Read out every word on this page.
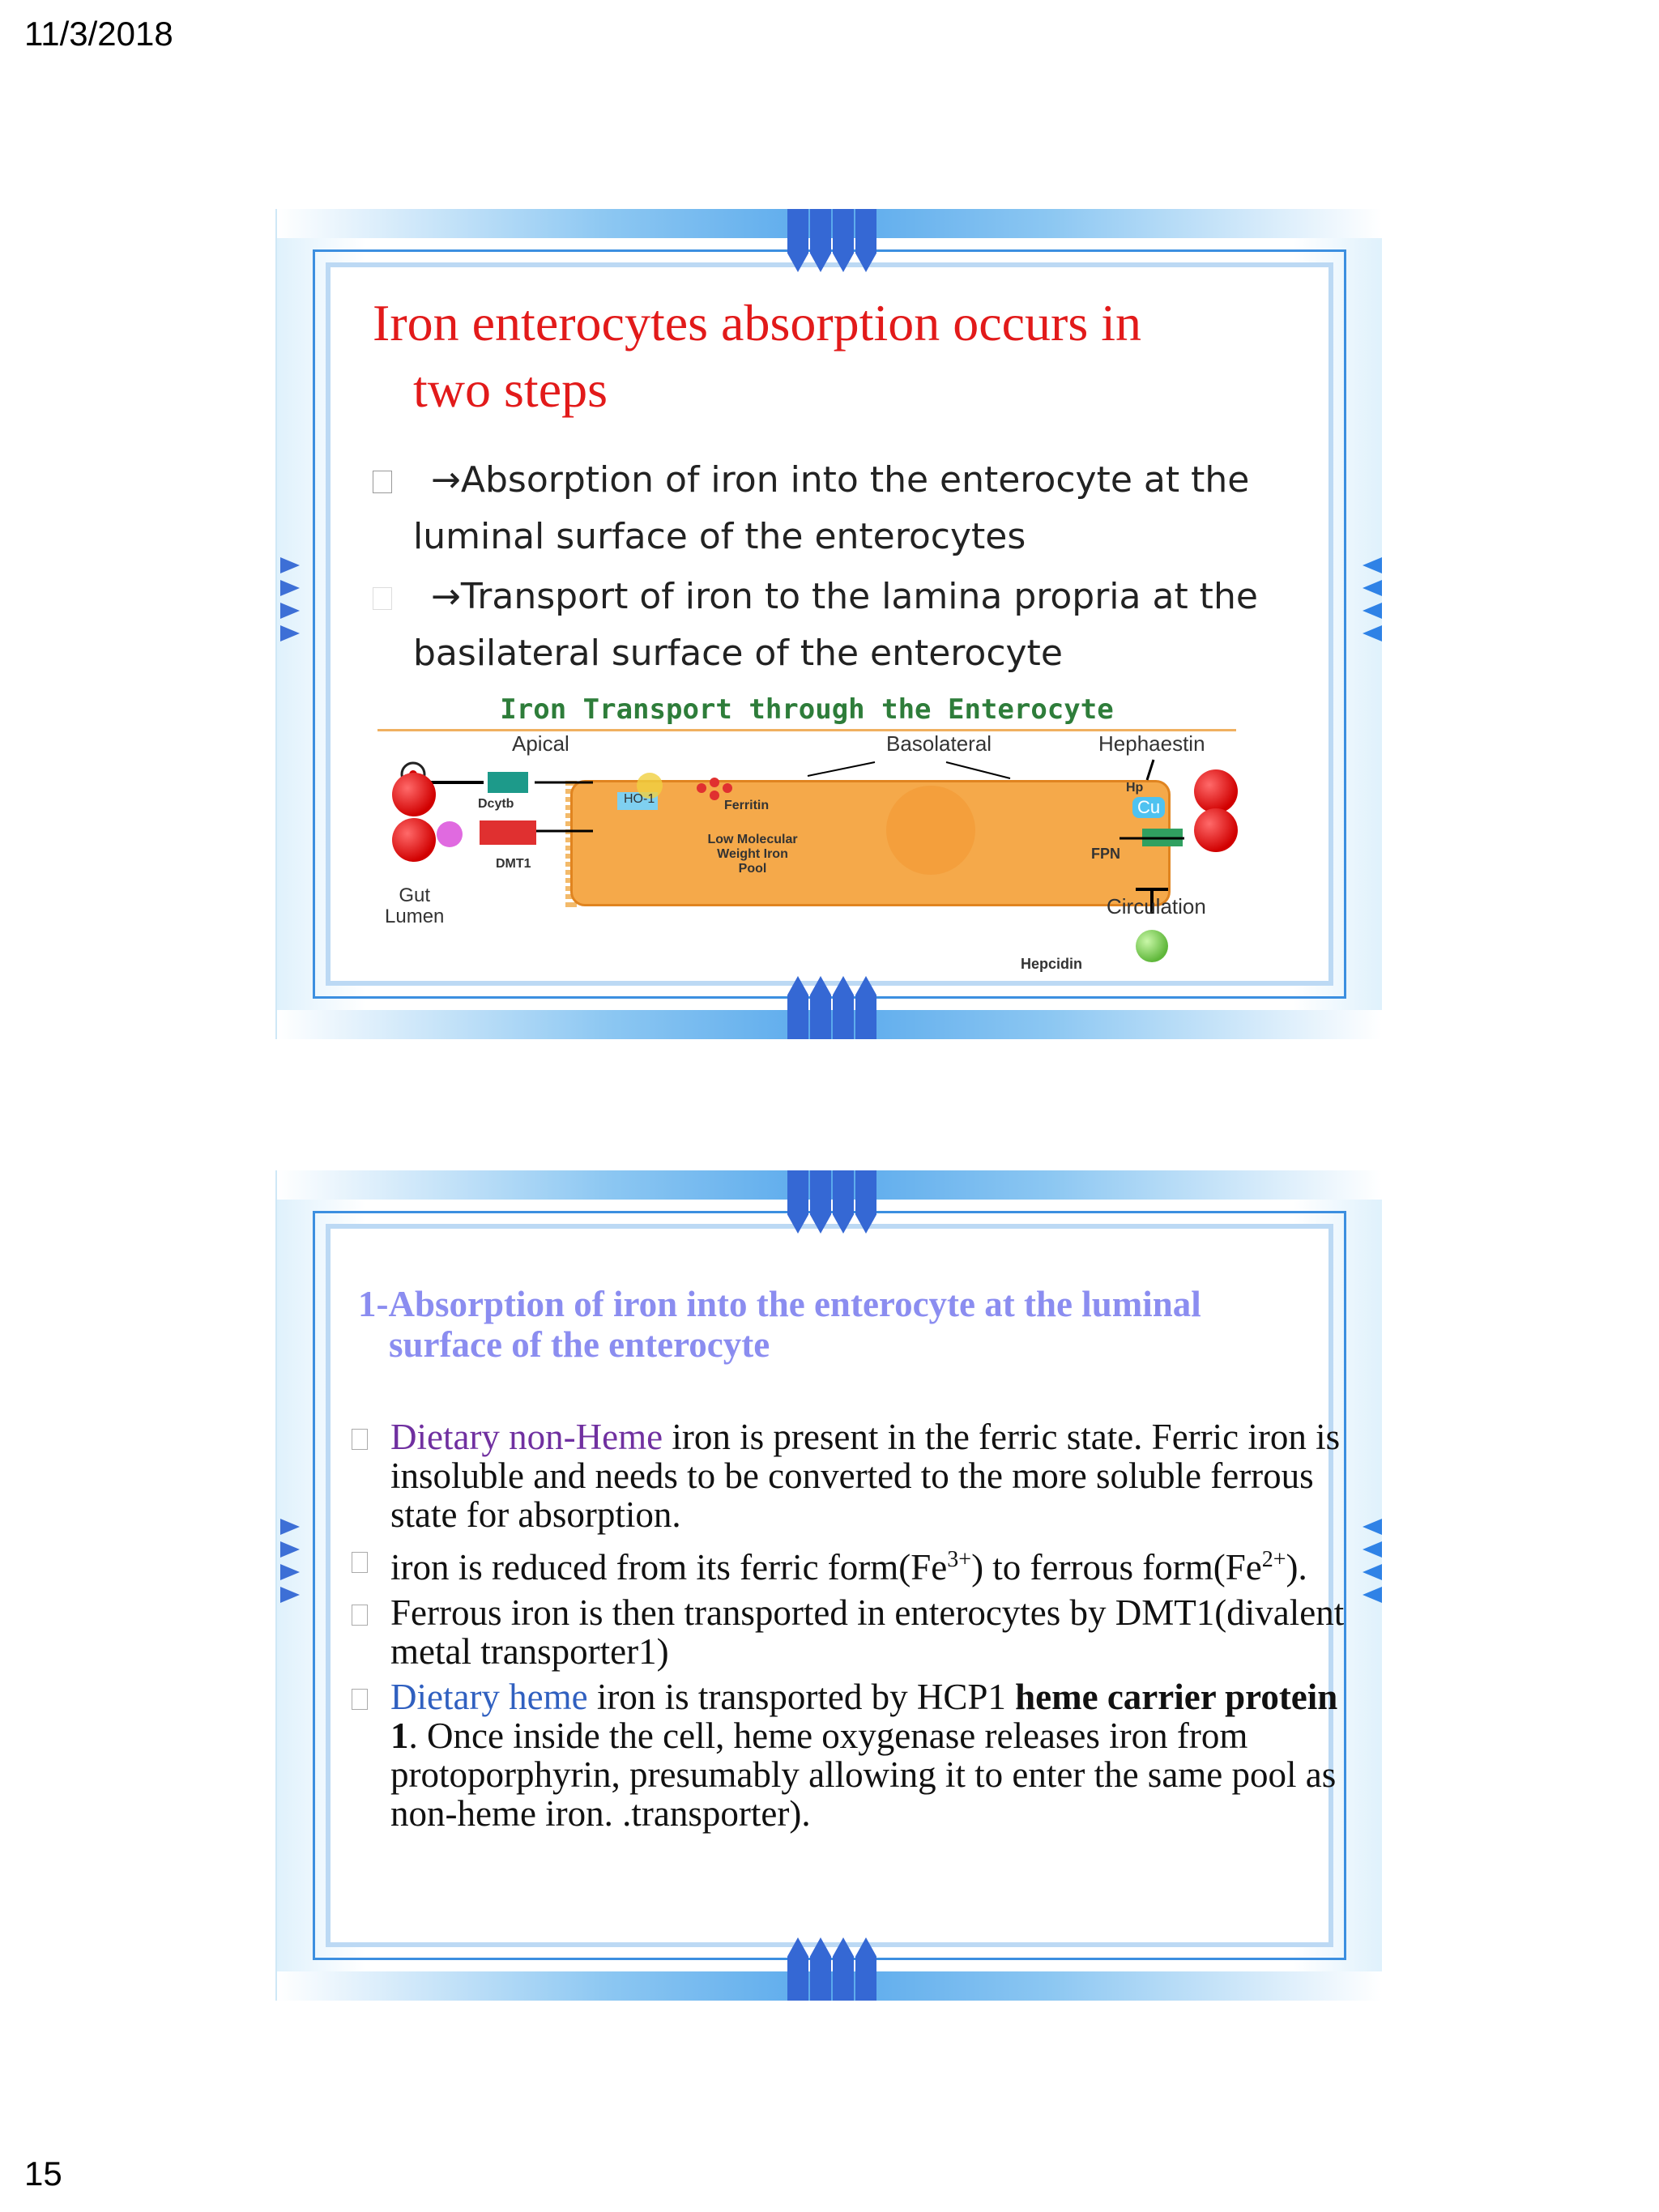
11/3/2018
Iron enterocytes absorption occurs in
two steps
→Absorption of iron into the enterocyte at the
luminal surface of the enterocytes
→Transport of iron to the lamina propria at the
basilateral surface of the enterocyte
Iron Transport through the Enterocyte
Apical	Basolateral	Hephaestin
Cu
Hp
Dcytb
DMT1
HO-1	Ferritin
Low Molecular
Weight Iron
Pool
FPN
Gut
Lumen	Circulation
Hepcidin
1-Absorption of iron into the enterocyte at the luminal
surface of the enterocyte
Dietary non-Heme iron is present in the ferric state. Ferric iron is insoluble and needs to be converted to the more soluble ferrous state for absorption.
iron is reduced from its ferric $form(Fe^{3+})$ to ferrous $form(Fe^{2+})$.
Ferrous iron is then transported in enterocytes by DMT1(divalent metal transporter1)
Dietary heme iron is transported by HCP1 heme carrier protein 1. Once inside the cell, heme oxygenase releases iron from protoporphyrin, presumably allowing it to enter the same pool as non-heme iron. .transporter).
15
